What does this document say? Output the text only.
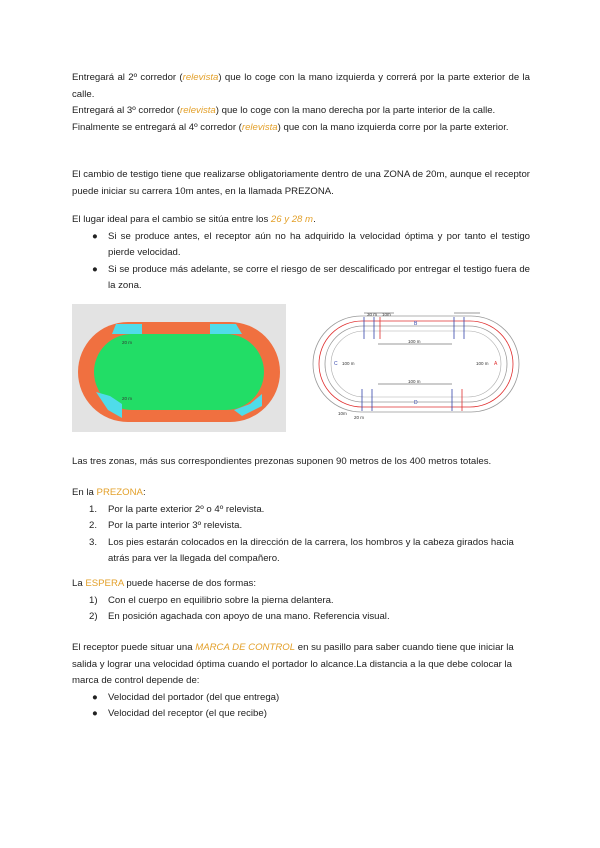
Entregará al 2º corredor (relevista) que lo coge con la mano izquierda y correrá por la parte exterior de la calle.

Entregará al 3º corredor (relevista) que lo coge con la mano derecha por la parte interior de la calle.

Finalmente se entregará al 4º corredor (relevista) que con la mano izquierda corre por la parte exterior.

El cambio de testigo tiene que realizarse obligatoriamente dentro de una ZONA de 20m, aunque el receptor puede iniciar su carrera 10m antes, en la llamada PREZONA.

El lugar ideal para el cambio se sitúa entre los 26 y 28 m.

●	Si se produce antes, el receptor aún no ha adquirido la velocidad óptima y por tanto el testigo pierde velocidad.
●	Si se produce más adelante, se corre el riesgo de ser descalificado por entregar el testigo fuera de la zona.
20 m
20 m
30 m 10m
100 m
100 m
100 m	100 m
B
C
D
A
10m
20 m

Las tres zonas, más sus correspondientes prezonas suponen 90 metros de los 400 metros totales.

En la PREZONA:

1.	Por la parte exterior 2º o 4º relevista.
2.	Por la parte interior 3º relevista.
3.	Los pies estarán colocados en la dirección de la carrera, los hombros y la cabeza girados hacia atrás para ver la llegada del compañero.

La ESPERA puede hacerse de dos formas:

1)	Con el cuerpo en equilibrio sobre la pierna delantera.
2)	En posición agachada con apoyo de una mano. Referencia visual.

El receptor puede situar una MARCA DE CONTROL en su pasillo para saber cuando tiene que iniciar la salida y lograr una velocidad óptima cuando el portador lo alcance.La distancia a la que debe colocar la marca de control depende de:

●	Velocidad del portador (del que entrega)
●	Velocidad del receptor (el que recibe)
